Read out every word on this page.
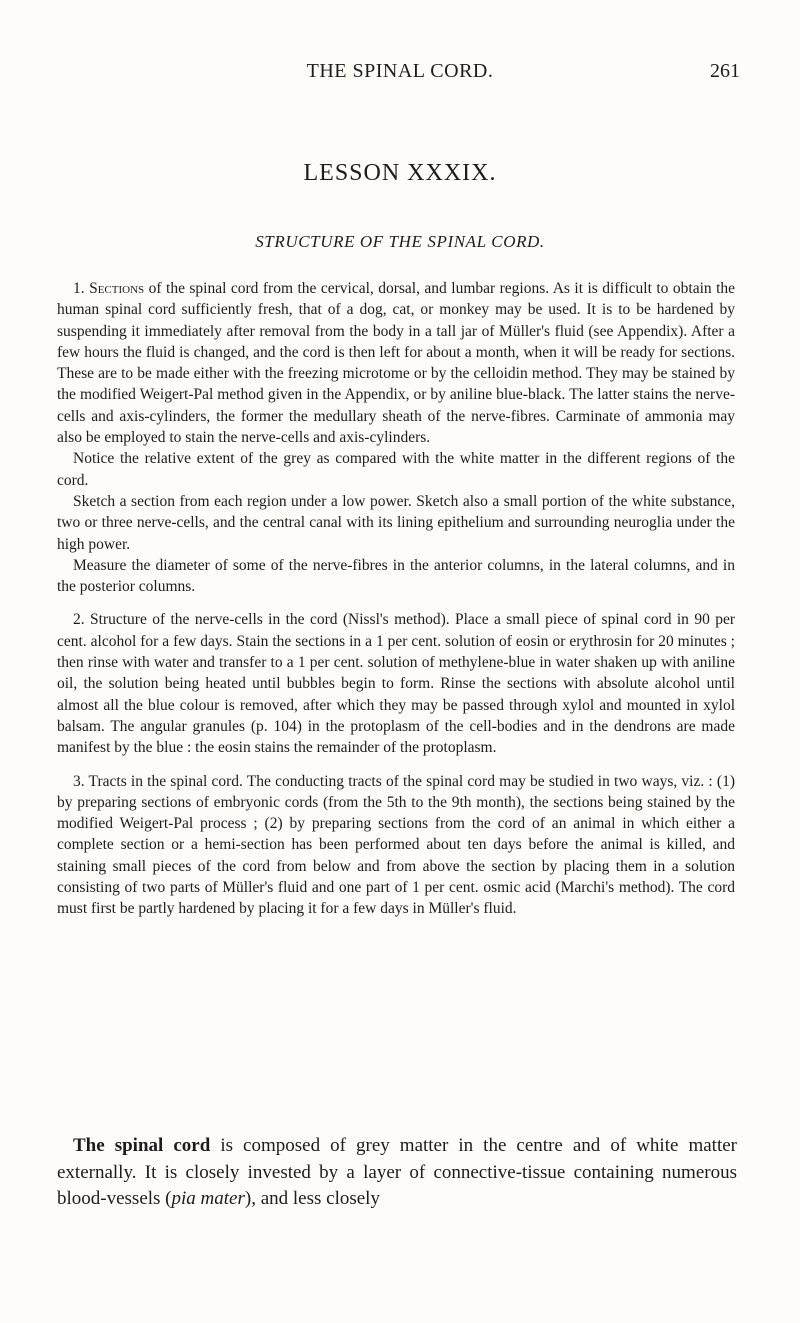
THE SPINAL CORD.	261
LESSON XXXIX.
STRUCTURE OF THE SPINAL CORD.

1. Sections of the spinal cord from the cervical, dorsal, and lumbar regions. As it is difficult to obtain the human spinal cord sufficiently fresh, that of a dog, cat, or monkey may be used. It is to be hardened by suspending it immediately after removal from the body in a tall jar of Müller's fluid (see Appendix). After a few hours the fluid is changed, and the cord is then left for about a month, when it will be ready for sections. These are to be made either with the freezing microtome or by the celloidin method. They may be stained by the modified Weigert-Pal method given in the Appendix, or by aniline blue-black. The latter stains the nerve-cells and axis-cylinders, the former the medullary sheath of the nerve-fibres. Carminate of ammonia may also be employed to stain the nerve-cells and axis-cylinders.

Notice the relative extent of the grey as compared with the white matter in the different regions of the cord.

Sketch a section from each region under a low power. Sketch also a small portion of the white substance, two or three nerve-cells, and the central canal with its lining epithelium and surrounding neuroglia under the high power.

Measure the diameter of some of the nerve-fibres in the anterior columns, in the lateral columns, and in the posterior columns.

2. Structure of the nerve-cells in the cord (Nissl's method). Place a small piece of spinal cord in 90 per cent. alcohol for a few days. Stain the sections in a 1 per cent. solution of eosin or erythrosin for 20 minutes ; then rinse with water and transfer to a 1 per cent. solution of methylene-blue in water shaken up with aniline oil, the solution being heated until bubbles begin to form. Rinse the sections with absolute alcohol until almost all the blue colour is removed, after which they may be passed through xylol and mounted in xylol balsam. The angular granules (p. 104) in the protoplasm of the cell-bodies and in the dendrons are made manifest by the blue : the eosin stains the remainder of the protoplasm.

3. Tracts in the spinal cord. The conducting tracts of the spinal cord may be studied in two ways, viz. : (1) by preparing sections of embryonic cords (from the 5th to the 9th month), the sections being stained by the modified Weigert-Pal process ; (2) by preparing sections from the cord of an animal in which either a complete section or a hemi-section has been performed about ten days before the animal is killed, and staining small pieces of the cord from below and from above the section by placing them in a solution consisting of two parts of Müller's fluid and one part of 1 per cent. osmic acid (Marchi's method). The cord must first be partly hardened by placing it for a few days in Müller's fluid.

The spinal cord is composed of grey matter in the centre and of white matter externally. It is closely invested by a layer of connective-tissue containing numerous blood-vessels (pia mater), and less closely
